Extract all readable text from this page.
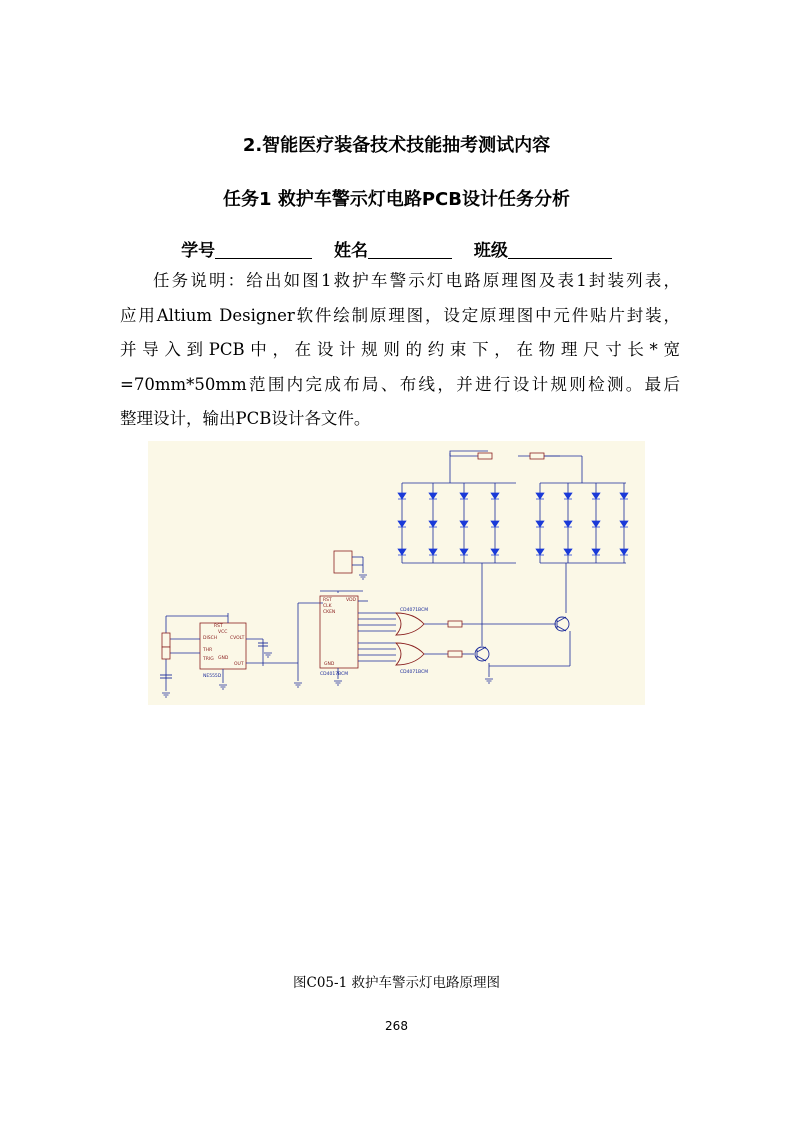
2.智能医疗装备技术技能抽考测试内容
任务1 救护车警示灯电路PCB设计任务分析
学号	姓名	班级

任务说明：给出如图1救护车警示灯电路原理图及表1封装列表，

应用Altium Designer软件绘制原理图，设定原理图中元件贴片封装，

并导入到PCB中，在设计规则的约束下，在物理尺寸长*宽

=70mm*50mm范围内完成布局、布线，并进行设计规则检测。最后

整理设计，输出PCB设计各文件。

DISCH
THR
TRIG
CVOLT
OUT
GND
VCC
RST
NE555D
RST
CLK
CKEN
VDD
GND
CD4017BCM
CD4071BCM
CD4071BCM
图C05-1 救护车警示灯电路原理图
268
